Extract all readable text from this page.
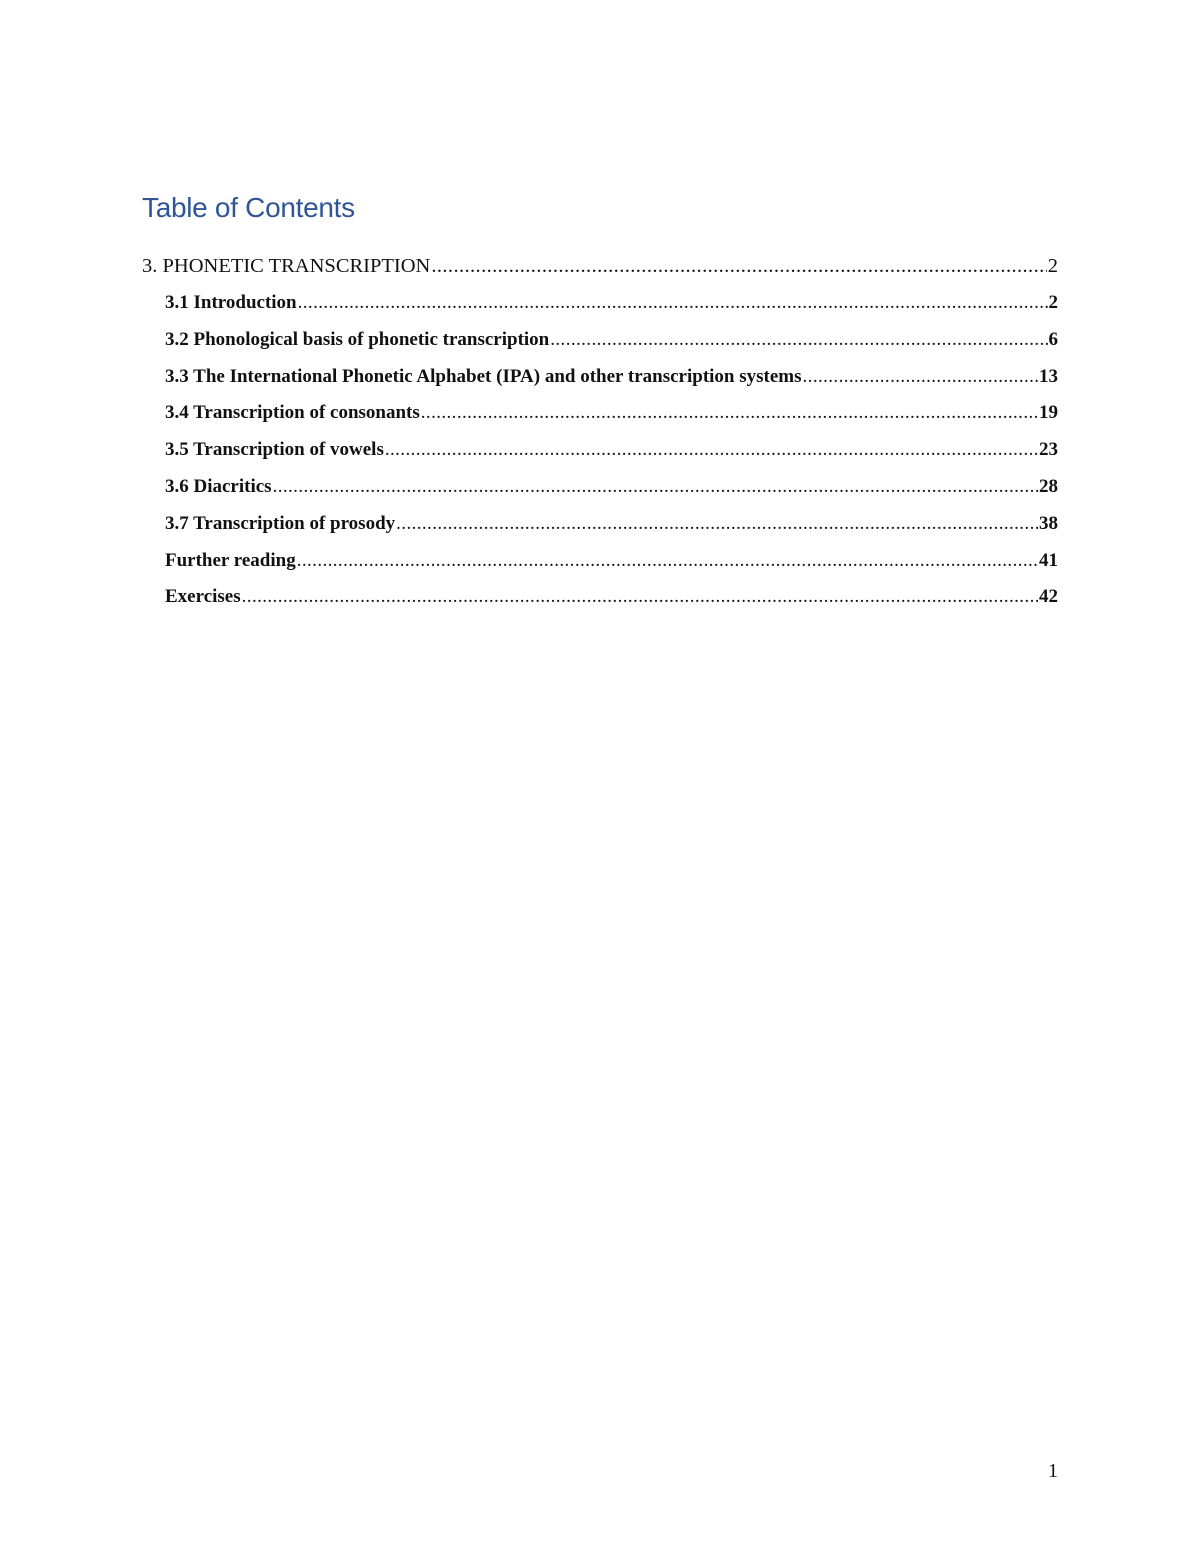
Table of Contents
3. PHONETIC TRANSCRIPTION .....	2
3.1 Introduction .....	2
3.2 Phonological basis of phonetic transcription .....	6
3.3 The International Phonetic Alphabet (IPA) and other transcription systems .....	13
3.4 Transcription of consonants .....	19
3.5 Transcription of vowels .....	23
3.6 Diacritics .....	28
3.7 Transcription of prosody .....	38
Further reading .....	41
Exercises .....	42
1
